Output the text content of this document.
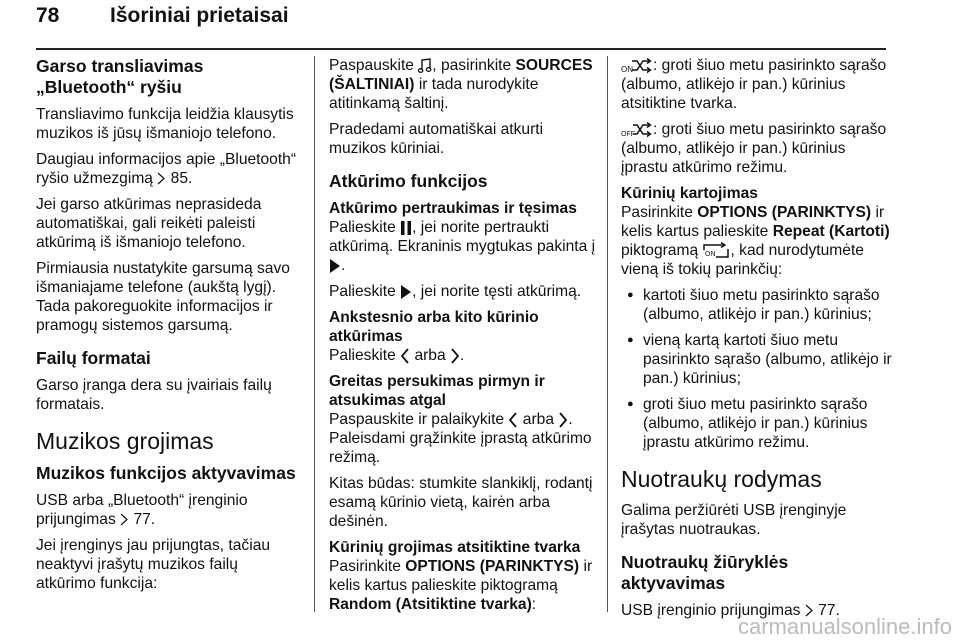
78 Išoriniai prietaisai
Garso transliavimas „Bluetooth“ ryšiu

Transliavimo funkcija leidžia klausytis muzikos iš jūsų išmaniojo telefono.

Daugiau informacijos apie „Bluetooth“ ryšio užmezgimą 85.

Jei garso atkūrimas neprasideda automatiškai, gali reikėti paleisti atkūrimą iš išmaniojo telefono.

Pirmiausia nustatykite garsumą savo išmaniajame telefone (aukštą lygį). Tada pakoreguokite informacijos ir pramogų sistemos garsumą.

Failų formatai

Garso įranga dera su įvairiais failų formatais.

Muzikos grojimas
Muzikos funkcijos aktyvavimas

USB arba „Bluetooth“ įrenginio prijungimas 77.

Jei įrenginys jau prijungtas, tačiau neaktyvi įrašytų muzikos failų atkūrimo funkcija:

Paspauskite , pasirinkite SOURCES (ŠALTINIAI) ir tada nurodykite atitinkamą šaltinį.

Pradedami automatiškai atkurti muzikos kūriniai.

Atkūrimo funkcijos
Atkūrimo pertraukimas ir tęsimas

Palieskite , jei norite pertraukti atkūrimą. Ekraninis mygtukas pakinta į .

Palieskite , jei norite tęsti atkūrimą.

Ankstesnio arba kito kūrinio atkūrimas

Palieskite arba .

Greitas persukimas pirmyn ir atsukimas atgal

Paspauskite ir palaikykite arba . Paleisdami grąžinkite įprastą atkūrimo režimą.

Kitas būdas: stumkite slankiklį, rodantį esamą kūrinio vietą, kairėn arba dešinėn.

Kūrinių grojimas atsitiktine tvarka

Pasirinkite OPTIONS (PARINKTYS) ir kelis kartus palieskite piktogramą Random (Atsitiktine tvarka):

ON : groti šiuo metu pasirinkto sąrašo (albumo, atlikėjo ir pan.) kūrinius atsitiktine tvarka.

OFF : groti šiuo metu pasirinkto sąrašo (albumo, atlikėjo ir pan.) kūrinius įprastu atkūrimo režimu.

Kūrinių kartojimas

Pasirinkite OPTIONS (PARINKTYS) ir kelis kartus palieskite Repeat (Kartoti) piktogramą ON , kad nurodytumėte vieną iš tokių parinkčių:

● kartoti šiuo metu pasirinkto sąrašo (albumo, atlikėjo ir pan.) kūrinius;
● vieną kartą kartoti šiuo metu pasirinkto sąrašo (albumo, atlikėjo ir pan.) kūrinius;
● groti šiuo metu pasirinkto sąrašo (albumo, atlikėjo ir pan.) kūrinius įprastu atkūrimo režimu.
Nuotraukų rodymas

Galima peržiūrėti USB įrenginyje įrašytas nuotraukas.

Nuotraukų žiūryklės aktyvavimas

USB įrenginio prijungimas 77.

carmanualsonline.info
